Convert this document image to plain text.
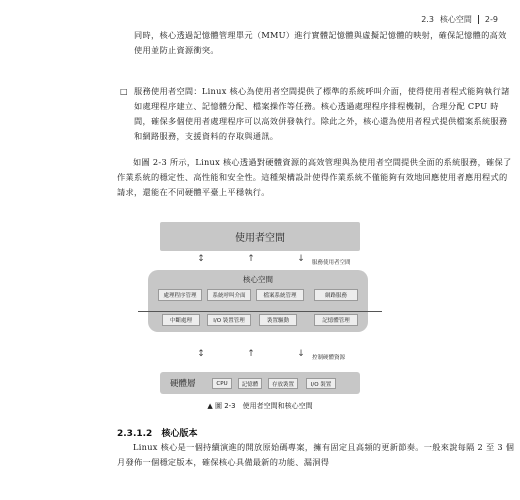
2.3 核心空間 2-9
同時，核心透過記憶體管理單元（MMU）進行實體記憶體與虛擬記憶體的映射，確保記憶體的高效使用並防止資源衝突。
□ 服務使用者空間：Linux 核心為使用者空間提供了標準的系統呼叫介面，使得使用者程式能夠執行諸如處理程序建立、記憶體分配、檔案操作等任務。核心透過處理程序排程機制，合理分配 CPU 時間，確保多個使用者處理程序可以高效併發執行。除此之外，核心還為使用者程式提供檔案系統服務和網路服務，支援資料的存取與通訊。
如圖 2-3 所示，Linux 核心透過對硬體資源的高效管理與為使用者空間提供全面的系統服務，確保了作業系統的穩定性、高性能和安全性。這種架構設計使得作業系統不僅能夠有效地回應使用者應用程式的請求，還能在不同硬體平臺上平穩執行。
使用者空間
↕	↑	↓ 服務使用者空間
核心空間
處理程序管理	系統呼叫介面	檔案系統管理	網路服務
中斷處理	I/O 裝置管理	裝置驅動	記憶體管理
↕	↑	↓ 控制硬體資源
硬體層	CPU	記憶體	存放裝置	I/O 裝置
▲ 圖 2-3　使用者空間和核心空間
2.3.1.2 核心版本
Linux 核心是一個持續演進的開放原始碼專案，擁有固定且高頻的更新節奏。一般來說每隔 2 至 3 個月發佈一個穩定版本，確保核心具備最新的功能、漏洞得
